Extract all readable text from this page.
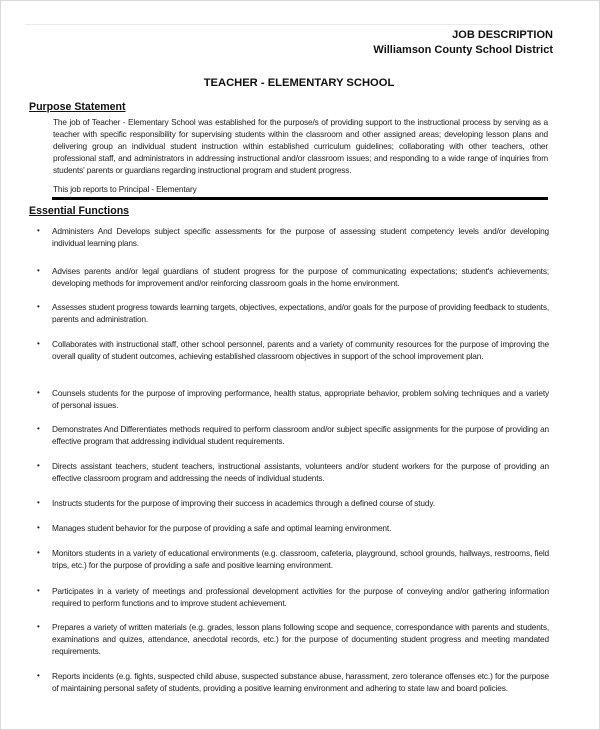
JOB DESCRIPTION
Williamson County School District
TEACHER - ELEMENTARY SCHOOL
Purpose Statement
The job of Teacher - Elementary School was established for the purpose/s of providing support to the instructional process by serving as a teacher with specific responsibility for supervising students within the classroom and other assigned areas; developing lesson plans and delivering group an individual student instruction within established curriculum guidelines; collaborating with other teachers, other professional staff, and administrators in addressing instructional and/or classroom issues; and responding to a wide range of inquiries from students' parents or guardians regarding instructional program and student progress.
This job reports to Principal - Elementary
Essential Functions
•	Administers And Develops subject specific assessments for the purpose of assessing student competency levels and/or developing individual learning plans.
•	Advises parents and/or legal guardians of student progress for the purpose of communicating expectations; student's achievements; developing methods for improvement and/or reinforcing classroom goals in the home environment.
•	Assesses student progress towards learning targets, objectives, expectations, and/or goals for the purpose of providing feedback to students, parents and administration.
•	Collaborates with instructional staff, other school personnel, parents and a variety of community resources for the purpose of improving the overall quality of student outcomes, achieving established classroom objectives in support of the school improvement plan.
•	Counsels students for the purpose of improving performance, health status, appropriate behavior, problem solving techniques and a variety of personal issues.
•	Demonstrates And Differentiates methods required to perform classroom and/or subject specific assignments for the purpose of providing an effective program that addressing individual student requirements.
•	Directs assistant teachers, student teachers, instructional assistants, volunteers and/or student workers for the purpose of providing an effective classroom program and addressing the needs of individual students.
•	Instructs students for the purpose of improving their success in academics through a defined course of study.
•	Manages student behavior for the purpose of providing a safe and optimal learning environment.
•	Monitors students in a variety of educational environments (e.g. classroom, cafeteria, playground, school grounds, hallways, restrooms, field trips, etc.) for the purpose of providing a safe and positive learning environment.
•	Participates in a variety of meetings and professional development activities for the purpose of conveying and/or gathering information required to perform functions and to improve student achievement.
•	Prepares a variety of written materials (e.g. grades, lesson plans following scope and sequence, correspondance with parents and students, examinations and quizes, attendance, anecdotal records, etc.) for the purpose of documenting student progress and meeting mandated requirements.
•	Reports incidents (e.g. fights, suspected child abuse, suspected substance abuse, harassment, zero tolerance offenses etc.) for the purpose of maintaining personal safety of students, providing a positive learning environment and adhering to state law and board policies.
